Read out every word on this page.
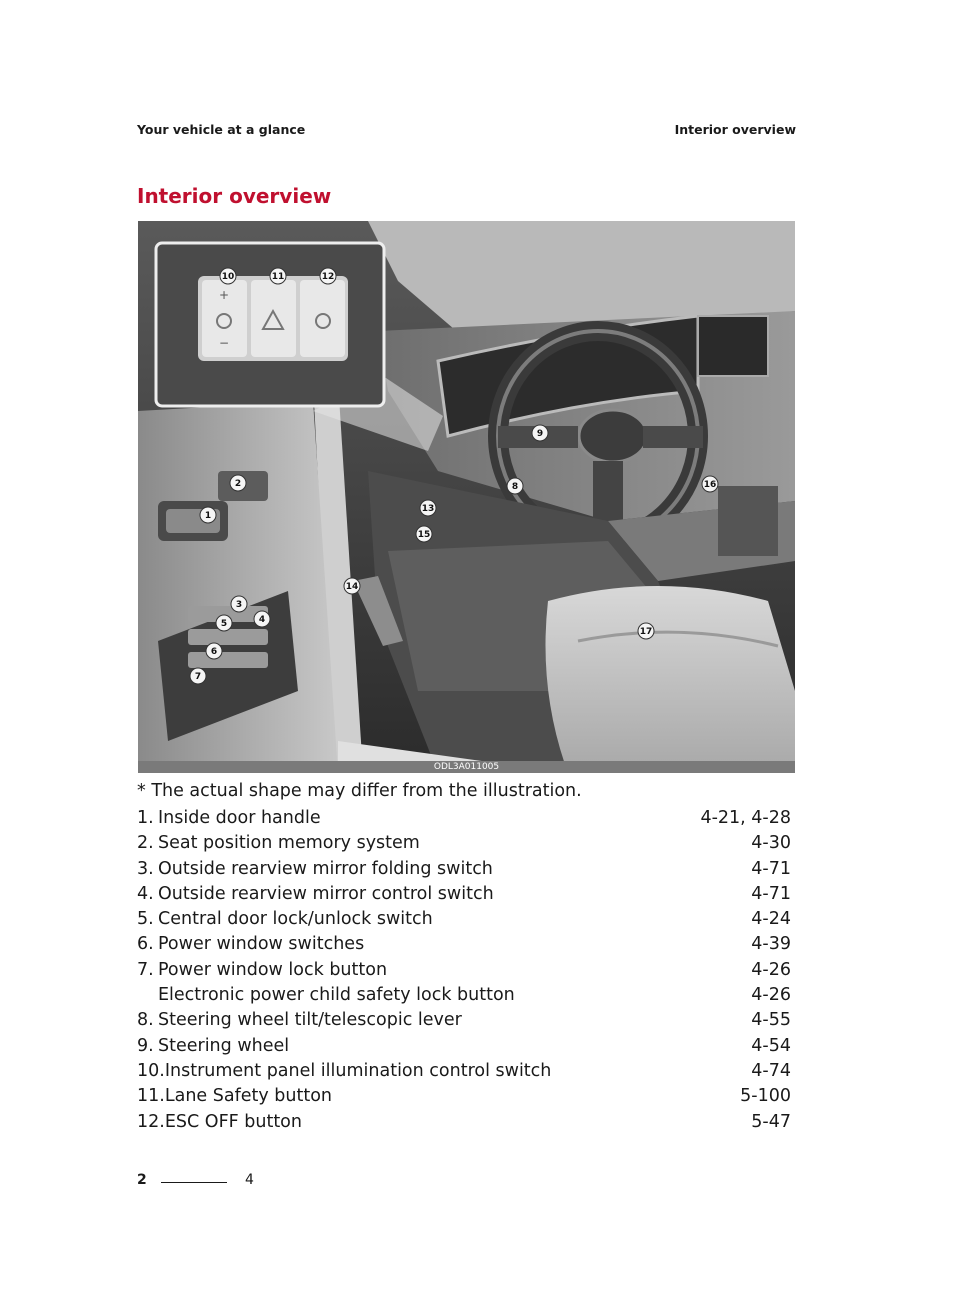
Your vehicle at a glance	Interior overview
Interior overview
+
−
10	11	12
1
2
3
4
5
6
7
8
9
13
14
15
16
17
ODL3A011005
* The actual shape may differ from the illustration.
1. Inside door handle	4-21, 4-28
2. Seat position memory system	4-30
3. Outside rearview mirror folding switch	4-71
4. Outside rearview mirror control switch	4-71
5. Central door lock/unlock switch	4-24
6. Power window switches	4-39
7. Power window lock button	4-26
Electronic power child safety lock button	4-26
8. Steering wheel tilt/telescopic lever	4-55
9. Steering wheel	4-54
10.Instrument panel illumination control switch	4-74
11.Lane Safety button	5-100
12.ESC OFF button	5-47
2	4
